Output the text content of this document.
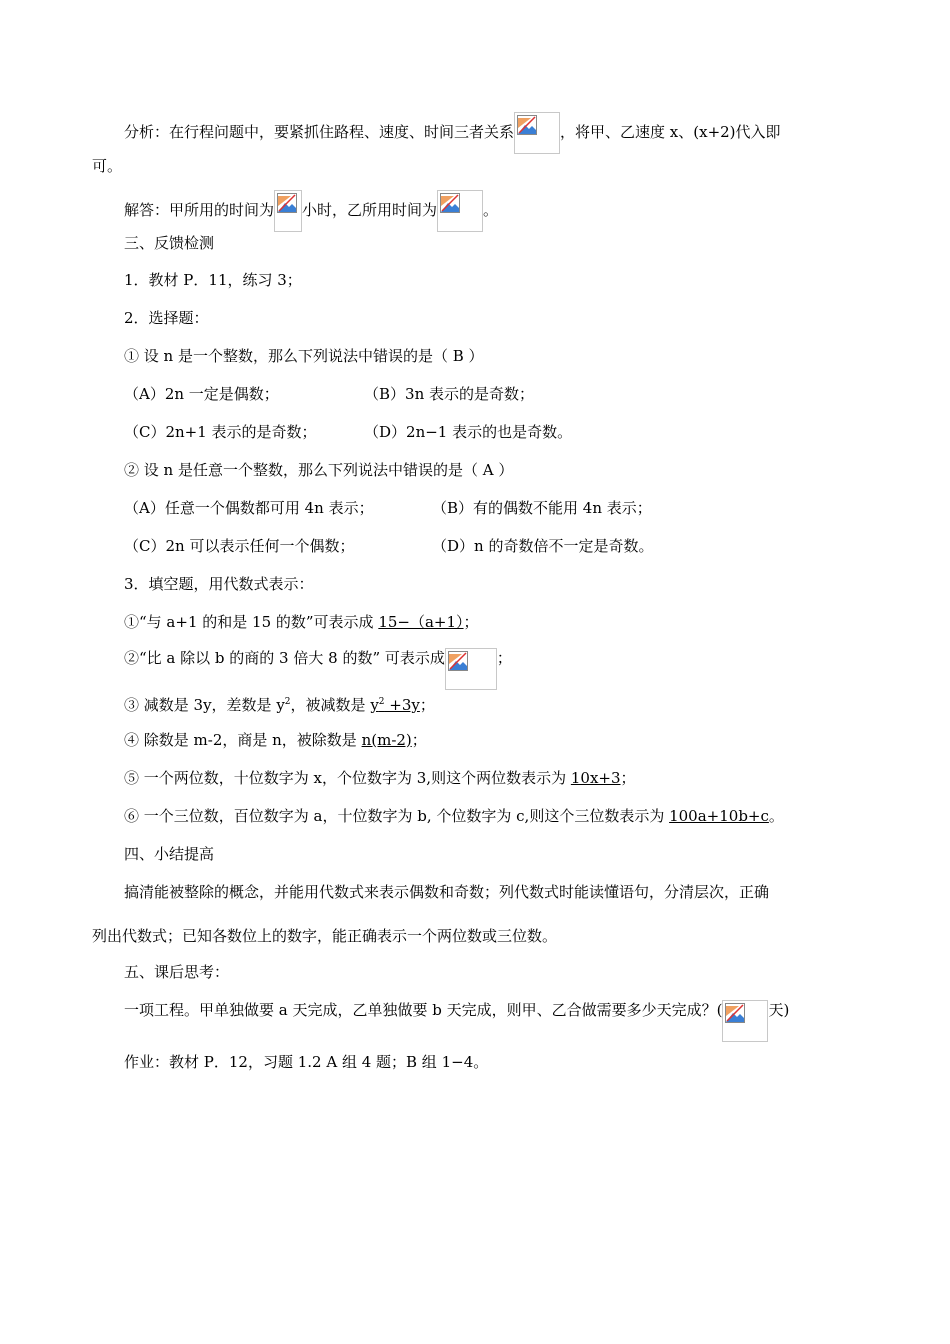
分析：在行程问题中，要紧抓住路程、速度、时间三者关系	，将甲、乙速度 x、(x+2)代入即
可。
解答：甲所用的时间为 小时，乙所用时间为	。
三、反馈检测
1．教材 P．11，练习 3；
2．选择题：
① 设 n 是一个整数，那么下列说法中错误的是（ B ）
（A）2n 一定是偶数；	（B）3n 表示的是奇数；
（C）2n+1 表示的是奇数；	（D）2n−1 表示的也是奇数。
② 设 n 是任意一个整数，那么下列说法中错误的是（ A ）
（A）任意一个偶数都可用 4n 表示；	（B）有的偶数不能用 4n 表示；
（C）2n 可以表示任何一个偶数；	（D）n 的奇数倍不一定是奇数。
3．填空题，用代数式表示：
①“与 a+1 的和是 15 的数”可表示成 15−（a+1）；
②“比 a 除以 b 的商的 3 倍大 8 的数” 可表示成	；
③ 减数是 3y，差数是 $y^2$，被减数是 $y^2 +3y$；
④ 除数是 m-2，商是 n，被除数是 n(m-2)；
⑤ 一个两位数，十位数字为 x，个位数字为 3,则这个两位数表示为 10x+3；
⑥ 一个三位数，百位数字为 a，十位数字为 b, 个位数字为 c,则这个三位数表示为 100a+10b+c。
四、小结提高
搞清能被整除的概念，并能用代数式来表示偶数和奇数；列代数式时能读懂语句，分清层次，正确
列出代数式；已知各数位上的数字，能正确表示一个两位数或三位数。
五、课后思考：
一项工程。甲单独做要 a 天完成，乙单独做要 b 天完成，则甲、乙合做需要多少天完成？(	天)
作业：教材 P．12，习题 1.2 A 组 4 题；B 组 1−4。
